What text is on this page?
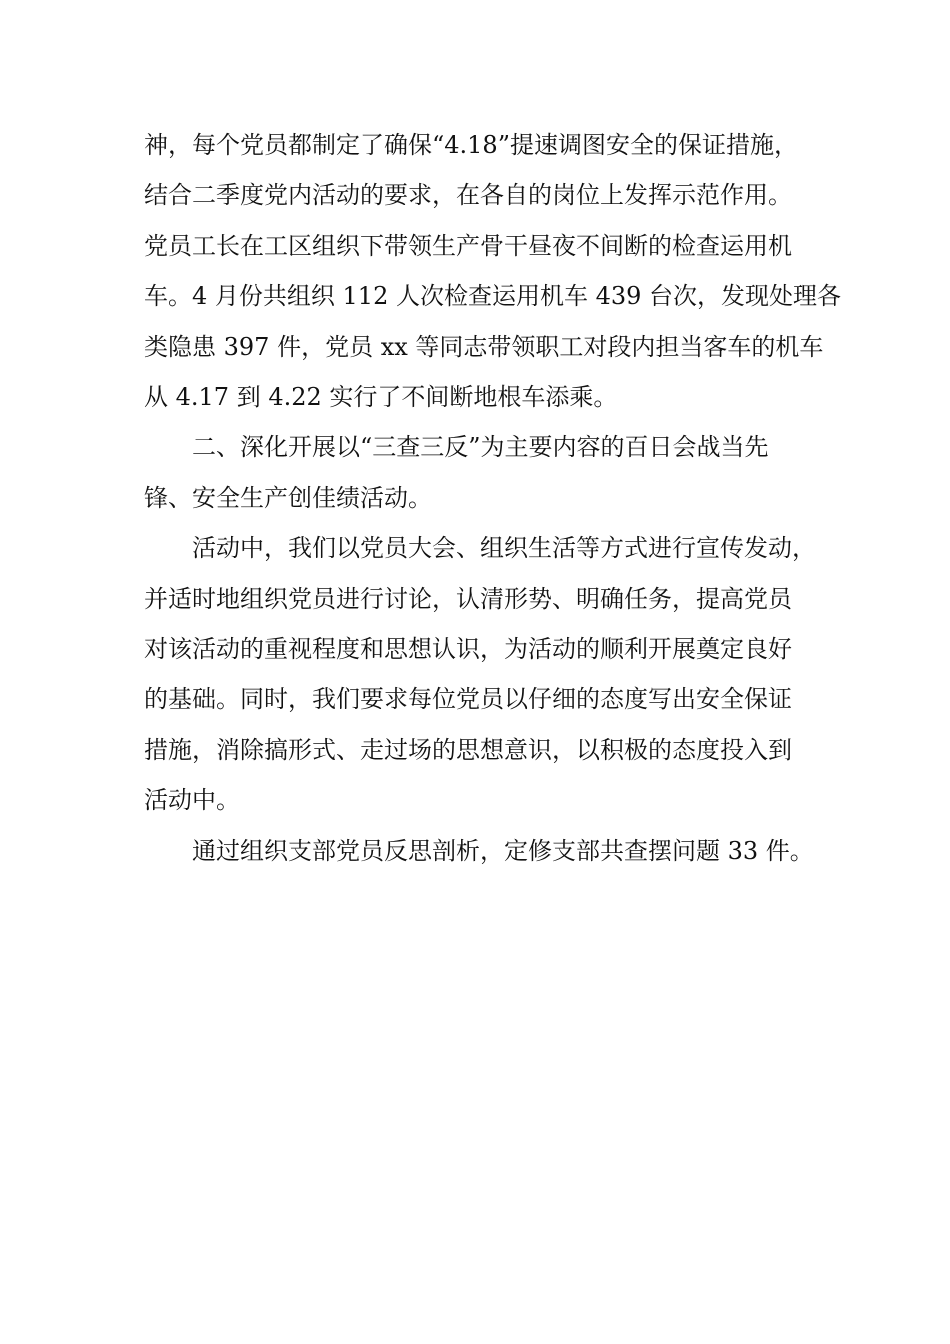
神，每个党员都制定了确保“4.18”提速调图安全的保证措施，
结合二季度党内活动的要求，在各自的岗位上发挥示范作用。
党员工长在工区组织下带领生产骨干昼夜不间断的检查运用机
车。4 月份共组织 112 人次检查运用机车 439 台次，发现处理各
类隐患 397 件，党员 xx 等同志带领职工对段内担当客车的机车
从 4.17 到 4.22 实行了不间断地根车添乘。
二、深化开展以“三查三反”为主要内容的百日会战当先
锋、安全生产创佳绩活动。
活动中，我们以党员大会、组织生活等方式进行宣传发动，
并适时地组织党员进行讨论，认清形势、明确任务，提高党员
对该活动的重视程度和思想认识，为活动的顺利开展奠定良好
的基础。同时，我们要求每位党员以仔细的态度写出安全保证
措施，消除搞形式、走过场的思想意识，以积极的态度投入到
活动中。
通过组织支部党员反思剖析，定修支部共查摆问题 33 件。
